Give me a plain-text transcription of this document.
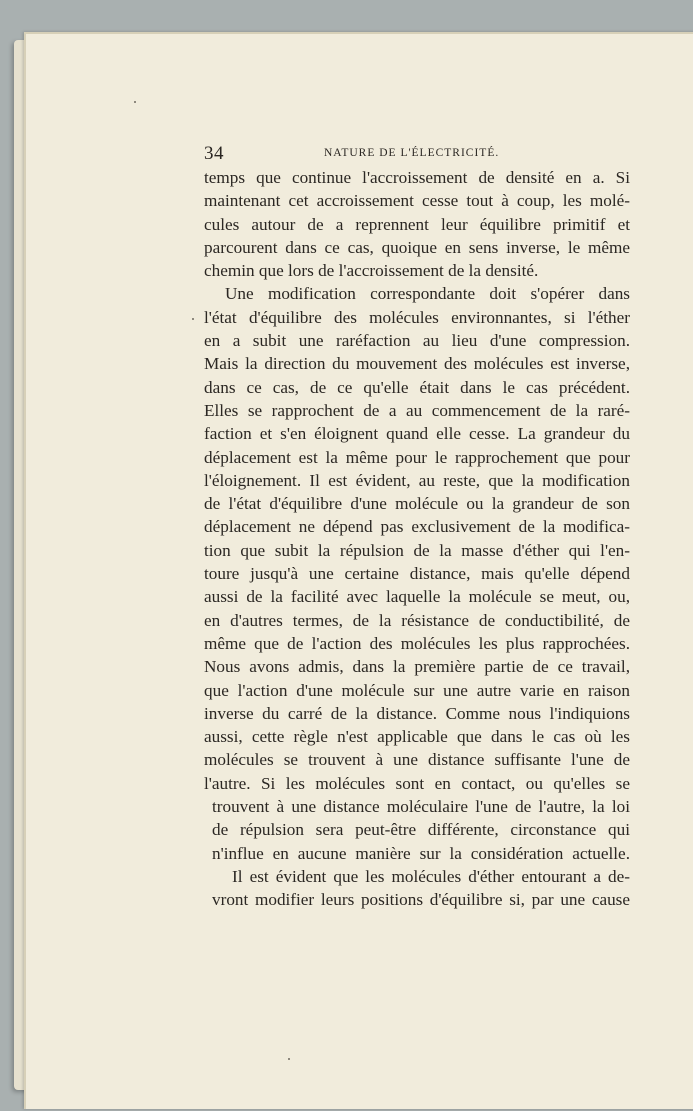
34	NATURE DE L'ÉLECTRICITÉ.
temps que continue l'accroissement de densité en a. Si
maintenant cet accroissement cesse tout à coup, les molé-
cules autour de a reprennent leur équilibre primitif et
parcourent dans ce cas, quoique en sens inverse, le même
chemin que lors de l'accroissement de la densité.
Une modification correspondante doit s'opérer dans
l'état d'équilibre des molécules environnantes, si l'éther
en a subit une raréfaction au lieu d'une compression.
Mais la direction du mouvement des molécules est inverse,
dans ce cas, de ce qu'elle était dans le cas précédent.
Elles se rapprochent de a au commencement de la raré-
faction et s'en éloignent quand elle cesse. La grandeur du
déplacement est la même pour le rapprochement que pour
l'éloignement. Il est évident, au reste, que la modification
de l'état d'équilibre d'une molécule ou la grandeur de son
déplacement ne dépend pas exclusivement de la modifica-
tion que subit la répulsion de la masse d'éther qui l'en-
toure jusqu'à une certaine distance, mais qu'elle dépend
aussi de la facilité avec laquelle la molécule se meut, ou,
en d'autres termes, de la résistance de conductibilité, de
même que de l'action des molécules les plus rapprochées.
Nous avons admis, dans la première partie de ce travail,
que l'action d'une molécule sur une autre varie en raison
inverse du carré de la distance. Comme nous l'indiquions
aussi, cette règle n'est applicable que dans le cas où les
molécules se trouvent à une distance suffisante l'une de
l'autre. Si les molécules sont en contact, ou qu'elles se
trouvent à une distance moléculaire l'une de l'autre, la loi
de répulsion sera peut-être différente, circonstance qui
n'influe en aucune manière sur la considération actuelle.
Il est évident que les molécules d'éther entourant a de-
vront modifier leurs positions d'équilibre si, par une cause
